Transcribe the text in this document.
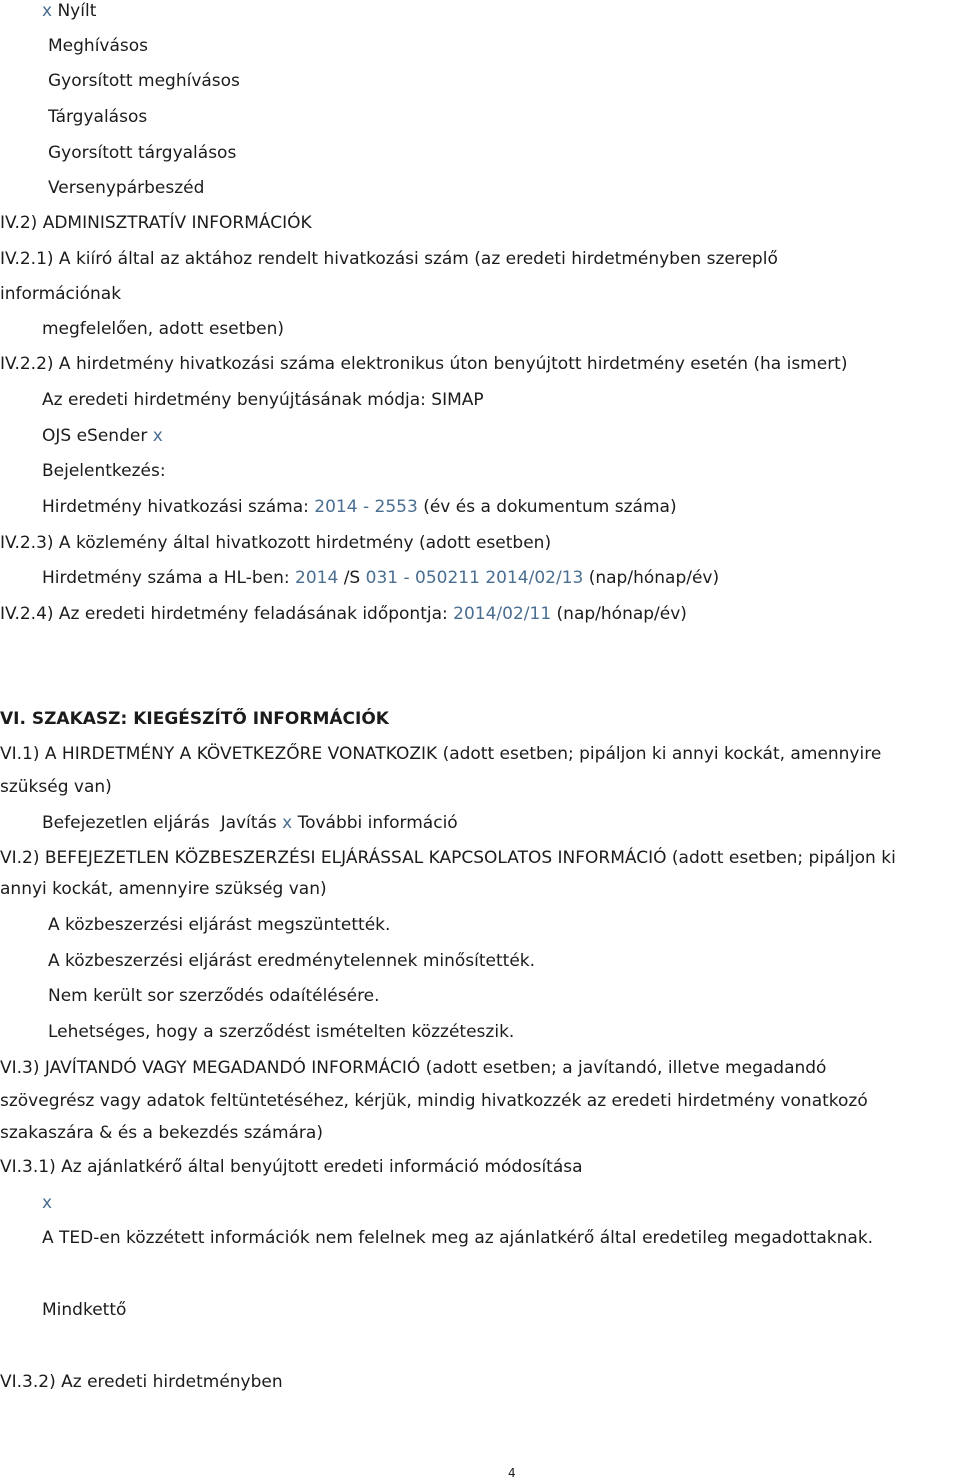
x Nyílt
Meghívásos
Gyorsított meghívásos
Tárgyalásos
Gyorsított tárgyalásos
Versenypárbeszéd
IV.2) ADMINISZTRATÍV INFORMÁCIÓK
IV.2.1) A kiíró által az aktához rendelt hivatkozási szám (az eredeti hirdetményben szereplő
információnak
megfelelően, adott esetben)
IV.2.2) A hirdetmény hivatkozási száma elektronikus úton benyújtott hirdetmény esetén (ha ismert)
Az eredeti hirdetmény benyújtásának módja: SIMAP
OJS eSender x
Bejelentkezés:
Hirdetmény hivatkozási száma: 2014 - 2553 (év és a dokumentum száma)
IV.2.3) A közlemény által hivatkozott hirdetmény (adott esetben)
Hirdetmény száma a HL-ben: 2014 /S 031 - 050211 2014/02/13 (nap/hónap/év)
IV.2.4) Az eredeti hirdetmény feladásának időpontja: 2014/02/11 (nap/hónap/év)
VI. SZAKASZ: KIEGÉSZÍTŐ INFORMÁCIÓK
VI.1) A HIRDETMÉNY A KÖVETKEZŐRE VONATKOZIK (adott esetben; pipáljon ki annyi kockát, amennyire
szükség van)
Befejezetlen eljárás Javítás x További információ
VI.2) BEFEJEZETLEN KÖZBESZERZÉSI ELJÁRÁSSAL KAPCSOLATOS INFORMÁCIÓ (adott esetben; pipáljon ki
annyi kockát, amennyire szükség van)
A közbeszerzési eljárást megszüntették.
A közbeszerzési eljárást eredménytelennek minősítették.
Nem került sor szerződés odaítélésére.
Lehetséges, hogy a szerződést ismételten közzéteszik.
VI.3) JAVÍTANDÓ VAGY MEGADANDÓ INFORMÁCIÓ (adott esetben; a javítandó, illetve megadandó
szövegrész vagy adatok feltüntetéséhez, kérjük, mindig hivatkozzék az eredeti hirdetmény vonatkozó
szakaszára & és a bekezdés számára)
VI.3.1) Az ajánlatkérő által benyújtott eredeti információ módosítása
x
A TED-en közzétett információk nem felelnek meg az ajánlatkérő által eredetileg megadottaknak.
Mindkettő
VI.3.2) Az eredeti hirdetményben
4
